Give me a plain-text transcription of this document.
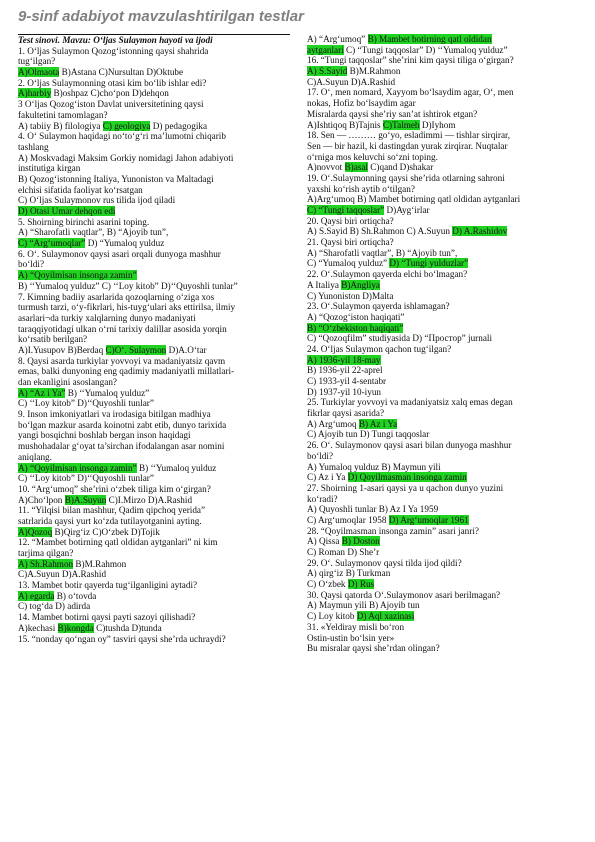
9-sinf adabiyot mavzulashtirilgan testlar
Test sinovi. Mavzu: O‘ljas Sulaymon hayoti va ijodi
1. O‘ljas Sulaymon Qozog‘istonning qaysi shahrida
tug‘ilgan?
A)Olmaota B)Astana C)Nursultan D)Oktube
2. O‘ljas Sulaymonning otasi kim bo‘lib ishlar edi?
A)harbiy B)oshpaz C)cho‘pon D)dehqon
3 O‘ljas Qozog‘iston Davlat universitetining qaysi
fakultetini tamomlagan?
A) tabiiy B) filologiya C) geologiya D) pedagogika
4. O‘ Sulaymon haqidagi no‘to‘g‘ri ma’lumotni chiqarib
tashlang
A) Moskvadagi Maksim Gorkiy nomidagi Jahon adabiyoti
institutiga kirgan
B) Qozog‘istonning Italiya, Yunoniston va Maltadagi
elchisi sifatida faoliyat ko‘rsatgan
C) O‘ljas Sulaymonov rus tilida ijod qiladi
D) Otasi Umar dehqon edi
5. Shoirning birinchi asarini toping.
A) “Sharofatli vaqtlar”, B) “Ajoyib tun”,
C) “Arg‘umoqlar” D) “Yumaloq yulduz
6. O‘. Sulaymonov qaysi asari orqali dunyoga mashhur
bo‘ldi?
A) “Qoyilmisan insonga zamin”
B) ‘‘Yumaloq yulduz” C) ‘‘Loy kitob” D)‘‘Quyoshli tunlar”
7. Kimning badiiy asarlarida qozoqlarning o‘ziga xos
turmush tarzi, o‘y-fikrlari, his-tuyg‘ulari aks ettirilsa, ilmiy
asarlari¬da turkiy xalqlarning dunyo madaniyati
taraqqiyotidagi ulkan o‘rni tarixiy dalillar asosida yorqin
ko‘rsatib berilgan?
A)I.Yusupov B)Berdaq C)O‘. Sulaymon D)A.O‘tar
8. Qaysi asarda turkiylar yovvoyi va madaniyatsiz qavm
emas, balki dunyoning eng qadimiy madaniyatli millatlari-
dan ekanligini asoslangan?
A) “Az i Ya” B) ‘‘Yumaloq yulduz”
C) ‘‘Loy kitob” D)‘‘Quyoshli tunlar”
9. Inson imkoniyatlari va irodasiga bitilgan madhiya
bo‘lgan mazkur asarda koinotni zabt etib, dunyo tarixida
yangi bosqichni boshlab bergan inson haqidagi
mushohadalar g‘oyat ta’sirchan ifodalangan asar nomini
aniqlang.
A) “Qoyilmisan insonga zamin” B) ‘‘Yumaloq yulduz
C) ‘‘Loy kitob” D)‘‘Quyoshli tunlar”
10. “Arg‘umoq” she’rini o‘zbek tiliga kim o‘girgan?
A)Cho‘lpon B)A.Suyun C)I.Mirzo D)A.Rashid
11. “Yilqisi bilan mashhur, Qadim qipchoq yerida”
satrlarida qaysi yurt ko‘zda tutilayotganini ayting.
A)Qozoq B)Qirg‘iz C)O‘zbek D)Tojik
12. “Mambet botirning qatl oldidan aytganlari” ni kim
tarjima qilgan?
A) Sh.Rahmon B)M.Rahmon
C)A.Suyun D)A.Rashid
13. Mambet botir qayerda tug‘ilganligini aytadi?
A) egarda B) o‘tovda
C) tog‘da D) adirda
14. Mambet botirni qaysi payti sazoyi qilishadi?
A)kechasi B)kongda C)tushda D)tunda
15. “nonday qo‘ngan oy” tasviri qaysi she’rda uchraydi?
A) “Arg‘umoq” B) Mambet botirning qatl oldidan
aytganlari C) “Tungi taqqoslar” D) ‘‘Yumaloq yulduz”
16. “Tungi taqqoslar” she’rini kim qaysi tiliga o‘girgan?
A) S.Sayid B)M.Rahmon
C)A.Suyun D)A.Rashid
17. O‘, men nomard, Xayyom bo‘lsaydim agar, O‘, men
nokas, Hofiz bo‘lsaydim agar
Misralarda qaysi she’riy san’at ishtirok etgan?
A)Ishtiqoq B)Tajnis C)Talmeh D)Iyhom
18. Sen — ……… go‘yo, esladimmi — tishlar sirqirar,
Sen — bir hazil, ki dastingdan yurak zirqirar. Nuqtalar
o‘rniga mos keluvchi so‘zni toping.
A)novvot B)asal C)qand D)shakar
19. O‘.Sulaymonning qaysi she’rida otlarning sahroni
yaxshi ko‘rish aytib o‘tilgan?
A)Arg‘umoq B) Mambet botirning qatl oldidan aytganlari
C) “Tungi taqqoslar” D)Ayg‘irlar
20. Qaysi biri ortiqcha?
A) S.Sayid B) Sh.Rahmon C) A.Suyun D) A.Rashidov
21. Qaysi biri ortiqcha?
A) “Sharofatli vaqtlar”, B) “Ajoyib tun”,
C) “Yumaloq yulduz” D) “Tungi yulduzlar”
22. O‘.Sulaymon qayerda elchi bo‘lmagan?
A Italiya B)Angliya
C) Yunoniston D)Malta
23. O‘.Sulaymon qayerda ishlamagan?
A) “Qozog‘iston haqiqati”
B) “O‘zbekiston haqiqati”
C) “Qozoqfilm” studiyasida D) “Простор” jurnali
24. O‘ljas Sulaymon qachon tug‘ilgan?
A) 1936-yil 18-may
B) 1936-yil 22-aprel
C) 1933-yil 4-sentabr
D) 1937-yil 10-iyun
25. Turkiylar yovvoyi va madaniyatsiz xalq emas degan
fikrlar qaysi asarida?
A) Arg‘umoq B) Az i Ya
C) Ajoyib tun D) Tungi taqqoslar
26. O‘. Sulaymonov qaysi asari bilan dunyoga mashhur
bo‘ldi?
A) Yumaloq yulduz B) Maymun yili
C) Az i Ya D) Qoyilmasman insonga zamin
27. Shoirning 1-asari qaysi ya u qachon dunyo yuzini
ko‘radi?
A) Quyoshli tunlar B) Az I Ya 1959
C) Arg‘umoqlar 1958 D) Arg‘umoqlar 1961
28. “Qoyilmasman insonga zamin” asari janri?
A) Qissa B) Doston
C) Roman D) She’r
29. O‘. Sulaymonov qaysi tilda ijod qildi?
A) qirg‘iz B) Turkman
C) O‘zbek D) Rus
30. Qaysi qatorda O‘.Sulaymonov asari berilmagan?
A) Maymun yili B) Ajoyib tun
C) Loy kitob D) Aql xazinasi
31. «Yeldiray misli bo‘ron
Ostin-ustin bo‘lsin yer»
Bu misralar qaysi she’rdan olingan?
